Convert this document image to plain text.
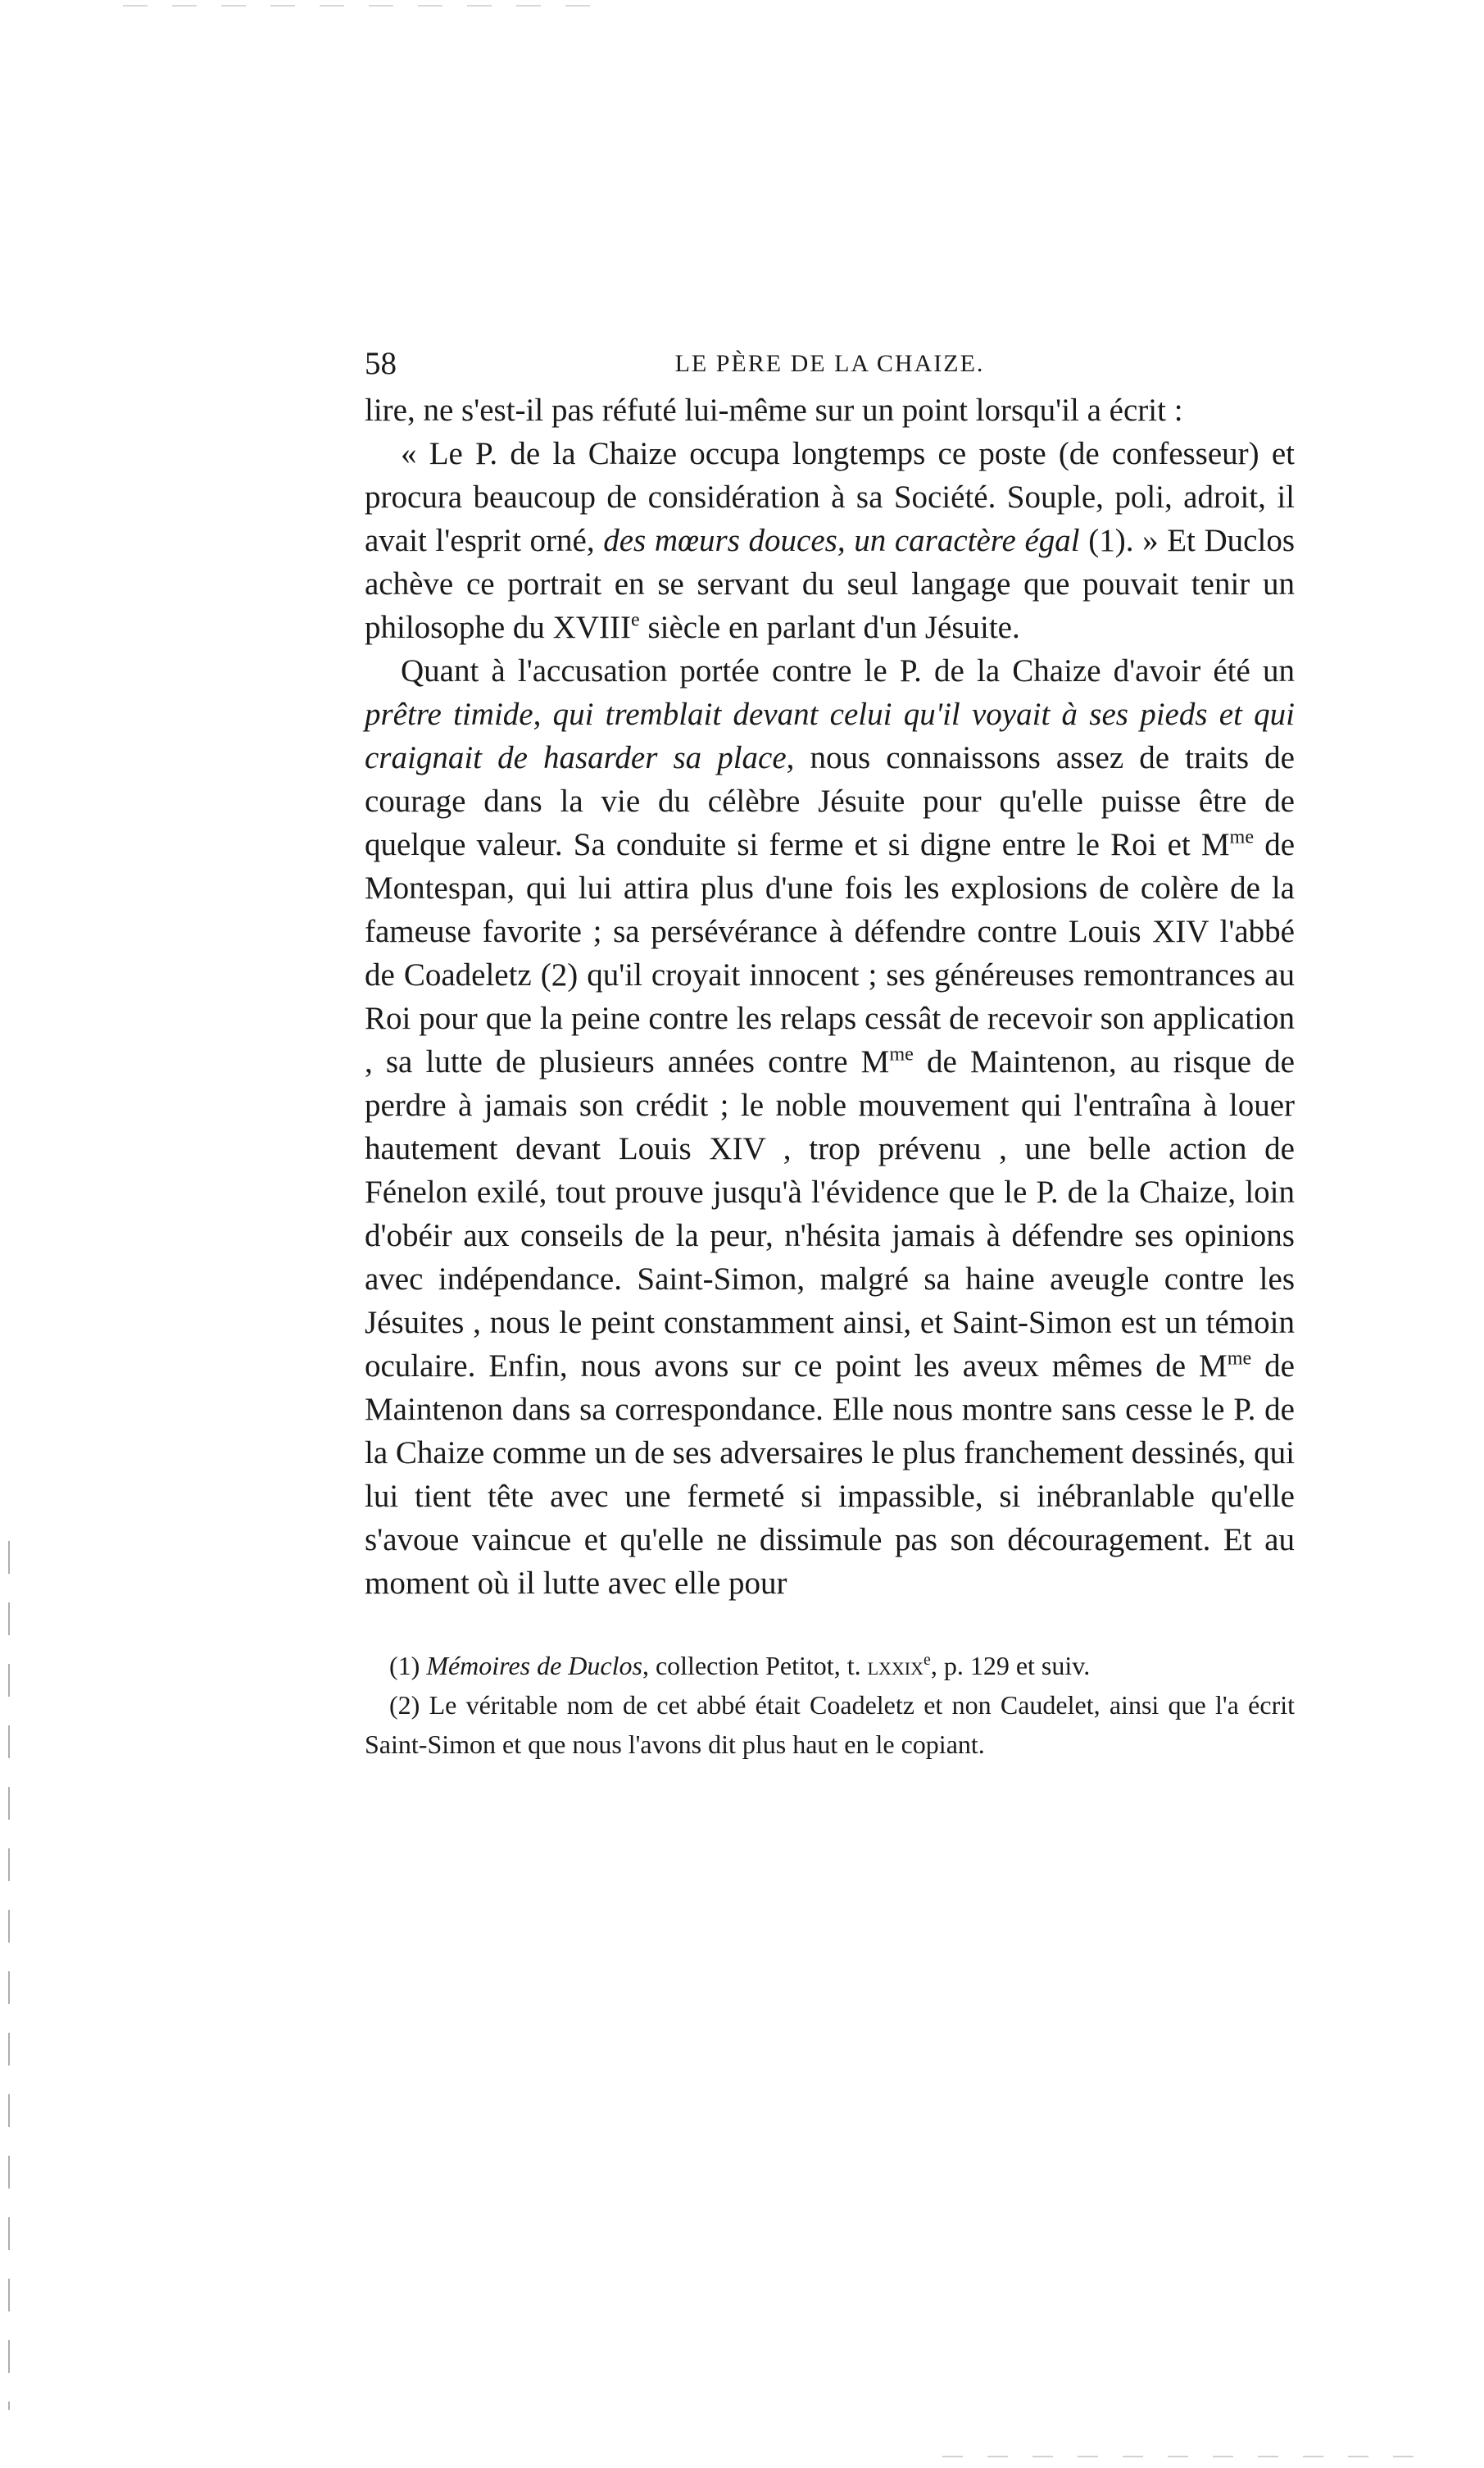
58	LE PÈRE DE LA CHAIZE.

lire, ne s'est-il pas réfuté lui-même sur un point lorsqu'il a écrit :

« Le P. de la Chaize occupa longtemps ce poste (de confesseur) et procura beaucoup de considération à sa Société. Souple, poli, adroit, il avait l'esprit orné, des mœurs douces, un caractère égal (1). » Et Duclos achève ce portrait en se servant du seul langage que pouvait tenir un philosophe du XVIIIe siècle en parlant d'un Jésuite.

Quant à l'accusation portée contre le P. de la Chaize d'avoir été un prêtre timide, qui tremblait devant celui qu'il voyait à ses pieds et qui craignait de hasarder sa place, nous connaissons assez de traits de courage dans la vie du célèbre Jésuite pour qu'elle puisse être de quelque valeur. Sa conduite si ferme et si digne entre le Roi et $M^{me}$ de Montespan, qui lui attira plus d'une fois les explosions de colère de la fameuse favorite ; sa persévérance à défendre contre Louis XIV l'abbé de Coadeletz (2) qu'il croyait innocent ; ses généreuses remontrances au Roi pour que la peine contre les relaps cessât de recevoir son application , sa lutte de plusieurs années contre $M^{me}$ de Maintenon, au risque de perdre à jamais son crédit ; le noble mouvement qui l'entraîna à louer hautement devant Louis XIV , trop prévenu , une belle action de Fénelon exilé, tout prouve jusqu'à l'évidence que le P. de la Chaize, loin d'obéir aux conseils de la peur, n'hésita jamais à défendre ses opinions avec indépendance. Saint-Simon, malgré sa haine aveugle contre les Jésuites , nous le peint constamment ainsi, et Saint-Simon est un témoin oculaire. Enfin, nous avons sur ce point les aveux mêmes de $M^{me}$ de Maintenon dans sa correspondance. Elle nous montre sans cesse le P. de la Chaize comme un de ses adversaires le plus franchement dessinés, qui lui tient tête avec une fermeté si impassible, si inébranlable qu'elle s'avoue vaincue et qu'elle ne dissimule pas son découragement. Et au moment où il lutte avec elle pour

(1) Mémoires de Duclos, collection Petitot, t. lxxix$^e$, p. 129 et suiv.

(2) Le véritable nom de cet abbé était Coadeletz et non Caudelet, ainsi que l'a écrit Saint-Simon et que nous l'avons dit plus haut en le copiant.
